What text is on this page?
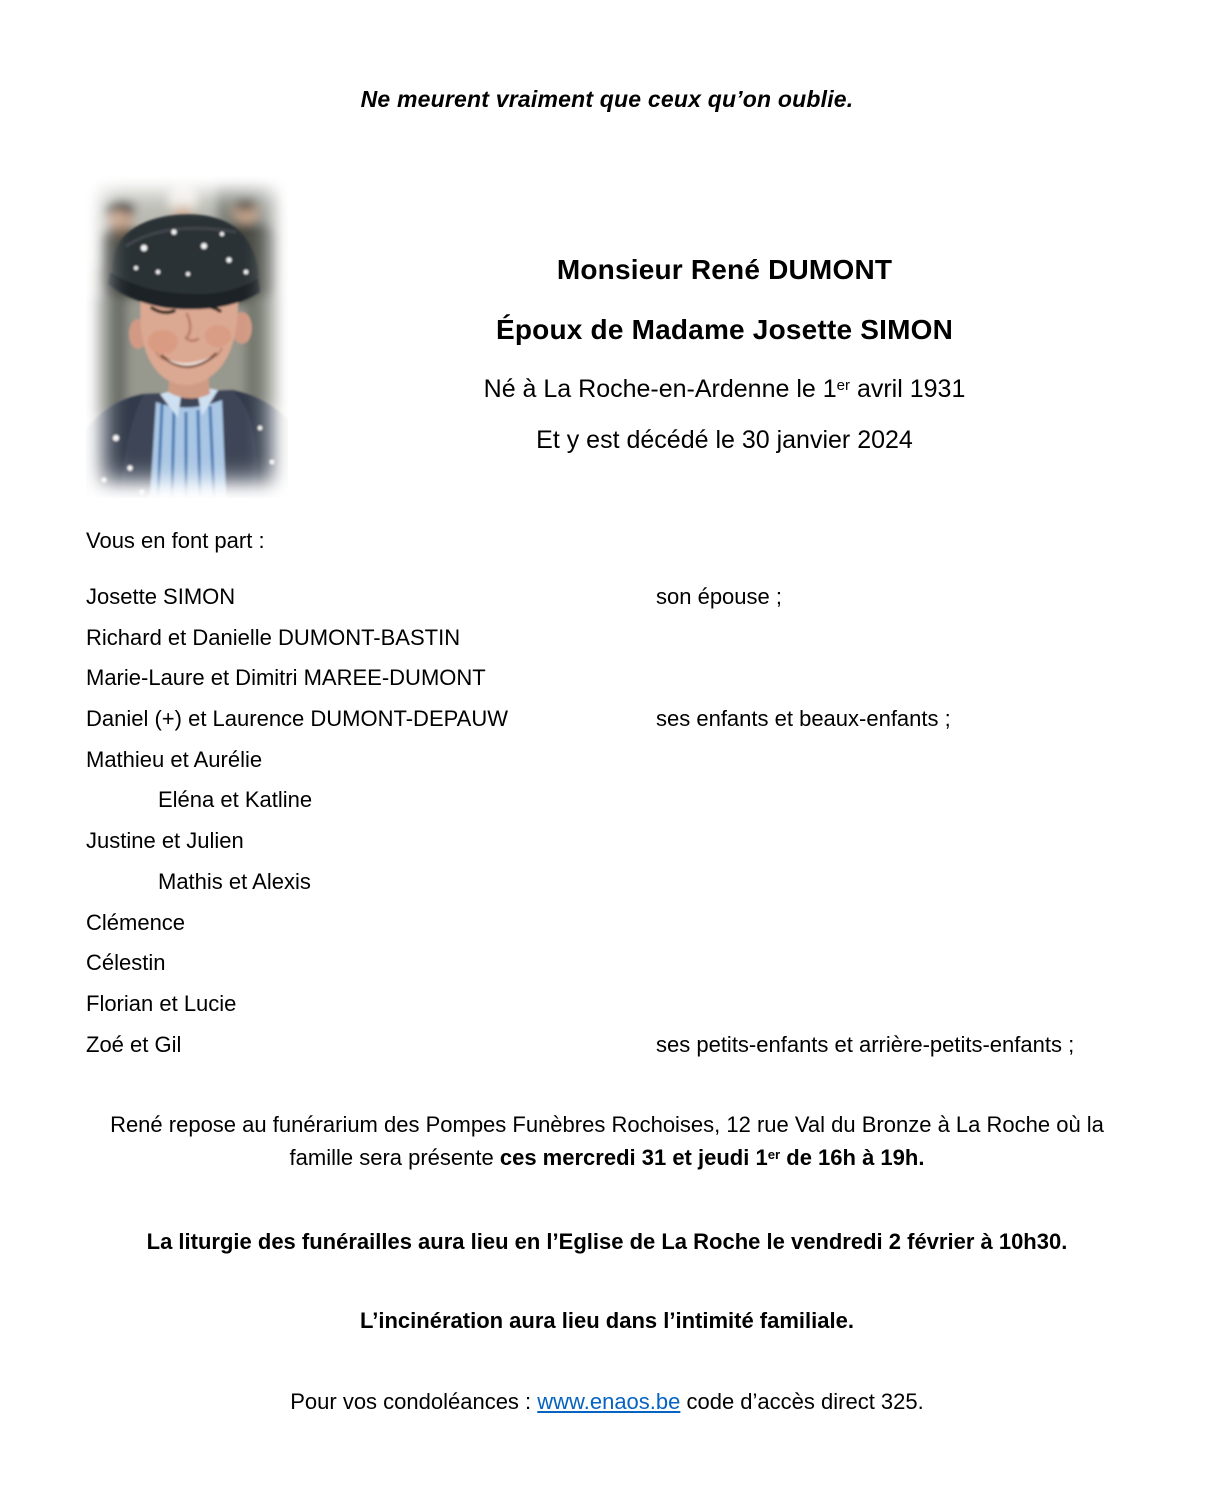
Ne meurent vraiment que ceux qu’on oublie.
Monsieur René DUMONT
Époux de Madame Josette SIMON
Né à La Roche-en-Ardenne le 1er avril 1931
Et y est décédé le 30 janvier 2024
Vous en font part :
Josette SIMON	son épouse ;
Richard et Danielle DUMONT-BASTIN
Marie-Laure et Dimitri MAREE-DUMONT
Daniel (+) et Laurence DUMONT-DEPAUW	ses enfants et beaux-enfants ;
Mathieu et Aurélie
Eléna et Katline
Justine et Julien
Mathis et Alexis
Clémence
Célestin
Florian et Lucie
Zoé et Gil	ses petits-enfants et arrière-petits-enfants ;
René repose au funérarium des Pompes Funèbres Rochoises, 12 rue Val du Bronze à La Roche où la
famille sera présente ces mercredi 31 et jeudi 1er de 16h à 19h.
La liturgie des funérailles aura lieu en l’Eglise de La Roche le vendredi 2 février à 10h30.
L’incinération aura lieu dans l’intimité familiale.
Pour vos condoléances : www.enaos.be code d’accès direct 325.
